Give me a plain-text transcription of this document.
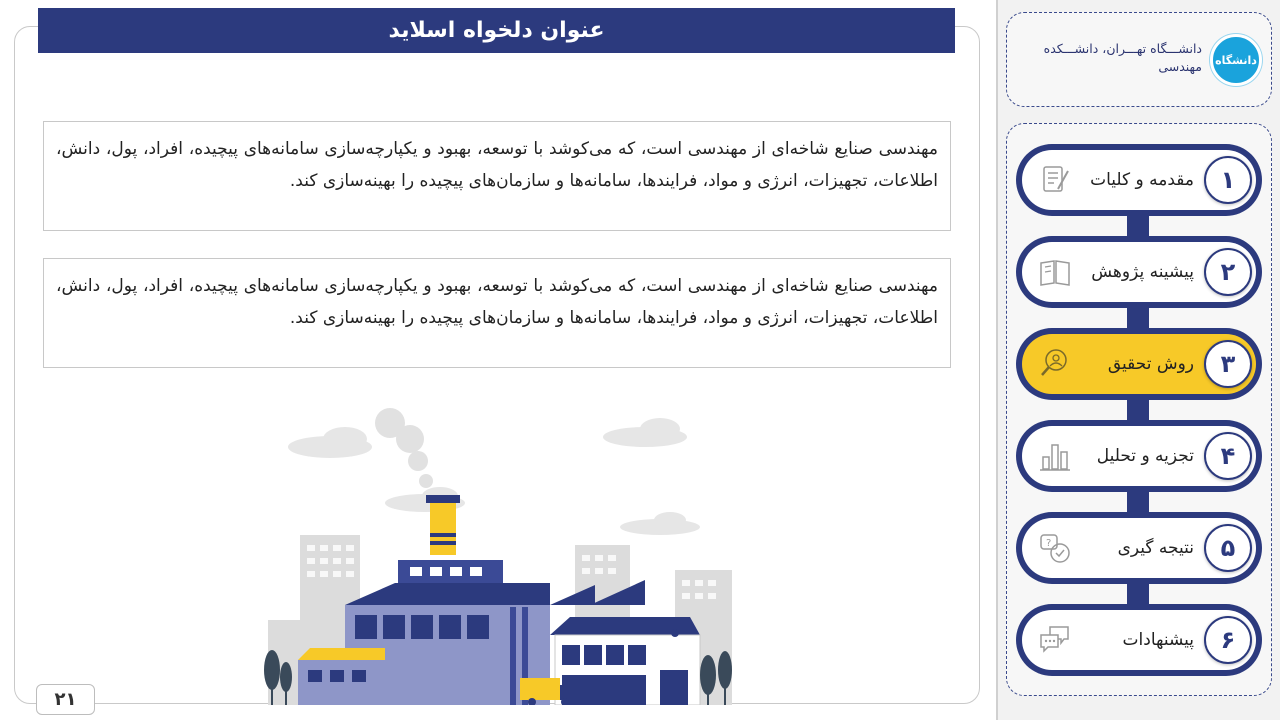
عنوان دلخواه اسلاید
مهندسی صنایع شاخه‌ای از مهندسی است، که می‌کوشد با توسعه، بهبود و یکپارچه‌سازی سامانه‌های پیچیده، افراد، پول، دانش، اطلاعات، تجهیزات، انرژی و مواد، فرایندها، سامانه‌ها و سازمان‌های پیچیده را بهینه‌سازی کند.
مهندسی صنایع شاخه‌ای از مهندسی است، که می‌کوشد با توسعه، بهبود و یکپارچه‌سازی سامانه‌های پیچیده، افراد، پول، دانش، اطلاعات، تجهیزات، انرژی و مواد، فرایندها، سامانه‌ها و سازمان‌های پیچیده را بهینه‌سازی کند.
۲۱
دانشگاه
دانشـــگاه تهـــران، دانشـــکده مهندسی
۱
مقدمه و کلیات
۲
پیشینه پژوهش
۳
روش تحقیق
۴
تجزیه و تحلیل
۵
نتیجه گیری
?
۶
پیشنهادات
